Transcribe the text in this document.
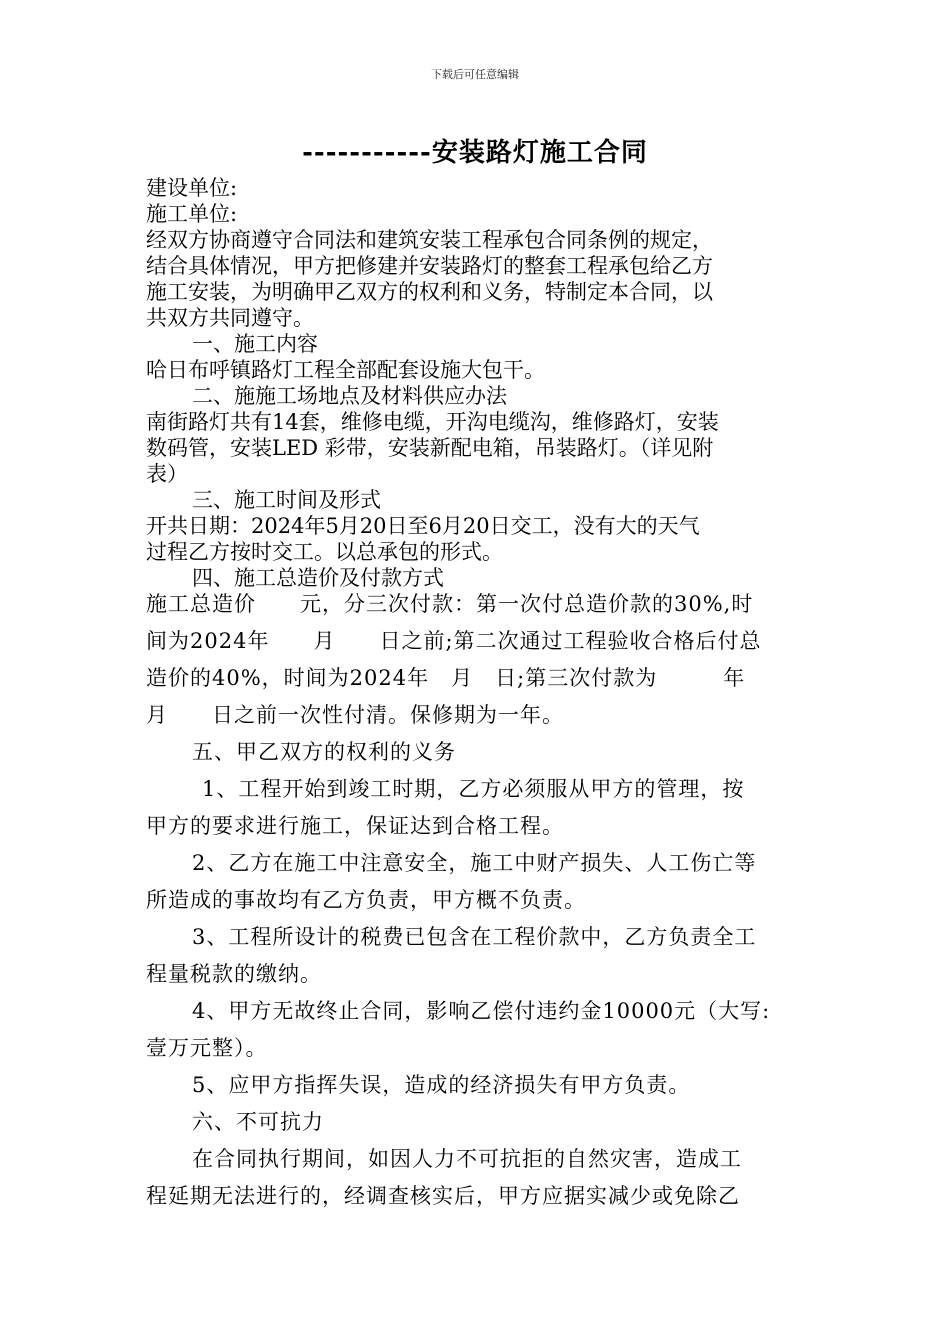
下载后可任意编辑
-----------安装路灯施工合同
建设单位:
施工单位:
经双方协商遵守合同法和建筑安装工程承包合同条例的规定，
结合具体情况，甲方把修建并安装路灯的整套工程承包给乙方
施工安装，为明确甲乙双方的权利和义务，特制定本合同，以
共双方共同遵守。
一、施工内容
哈日布呼镇路灯工程全部配套设施大包干。
二、施施工场地点及材料供应办法
南街路灯共有14套，维修电缆，开沟电缆沟，维修路灯，安装
数码管，安装LED 彩带，安装新配电箱，吊装路灯。（详见附
表）
三、施工时间及形式
开共日期：2024年5月20日至6月20日交工，没有大的天气
过程乙方按时交工。以总承包的形式。
四、施工总造价及付款方式
施工总造价　　元，分三次付款：第一次付总造价款的30%,时
间为2024年　　月　　日之前;第二次通过工程验收合格后付总
造价的40%，时间为2024年　月　日;第三次付款为　　　年
月　　日之前一次性付清。保修期为一年。
五、甲乙双方的权利的义务
1、工程开始到竣工时期，乙方必须服从甲方的管理，按
甲方的要求进行施工，保证达到合格工程。
2、乙方在施工中注意安全，施工中财产损失、人工伤亡等
所造成的事故均有乙方负责，甲方概不负责。
3、工程所设计的税费已包含在工程价款中，乙方负责全工
程量税款的缴纳。
4、甲方无故终止合同，影响乙偿付违约金10000元（大写:
壹万元整）。
5、应甲方指挥失误，造成的经济损失有甲方负责。
六、不可抗力
在合同执行期间，如因人力不可抗拒的自然灾害，造成工
程延期无法进行的，经调查核实后，甲方应据实减少或免除乙
